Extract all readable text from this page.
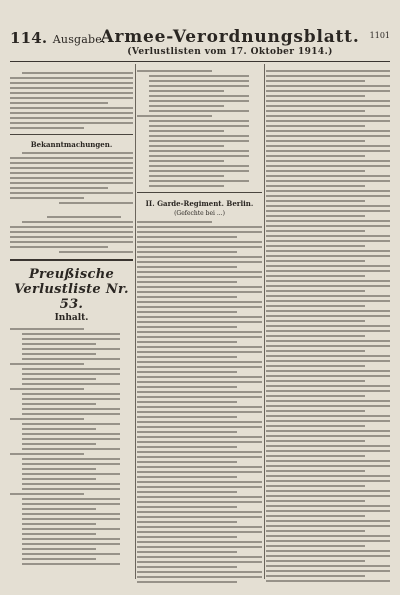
114. Ausgabe.
Armee-Verordnungsblatt.
(Verlustlisten vom 17. Oktober 1914.)
1101
Bekanntmachungen.
Preußische Verlustliste Nr. 53.
Inhalt.
II. Garde-Regiment. Berlin.
(Gefechte bei ...)
